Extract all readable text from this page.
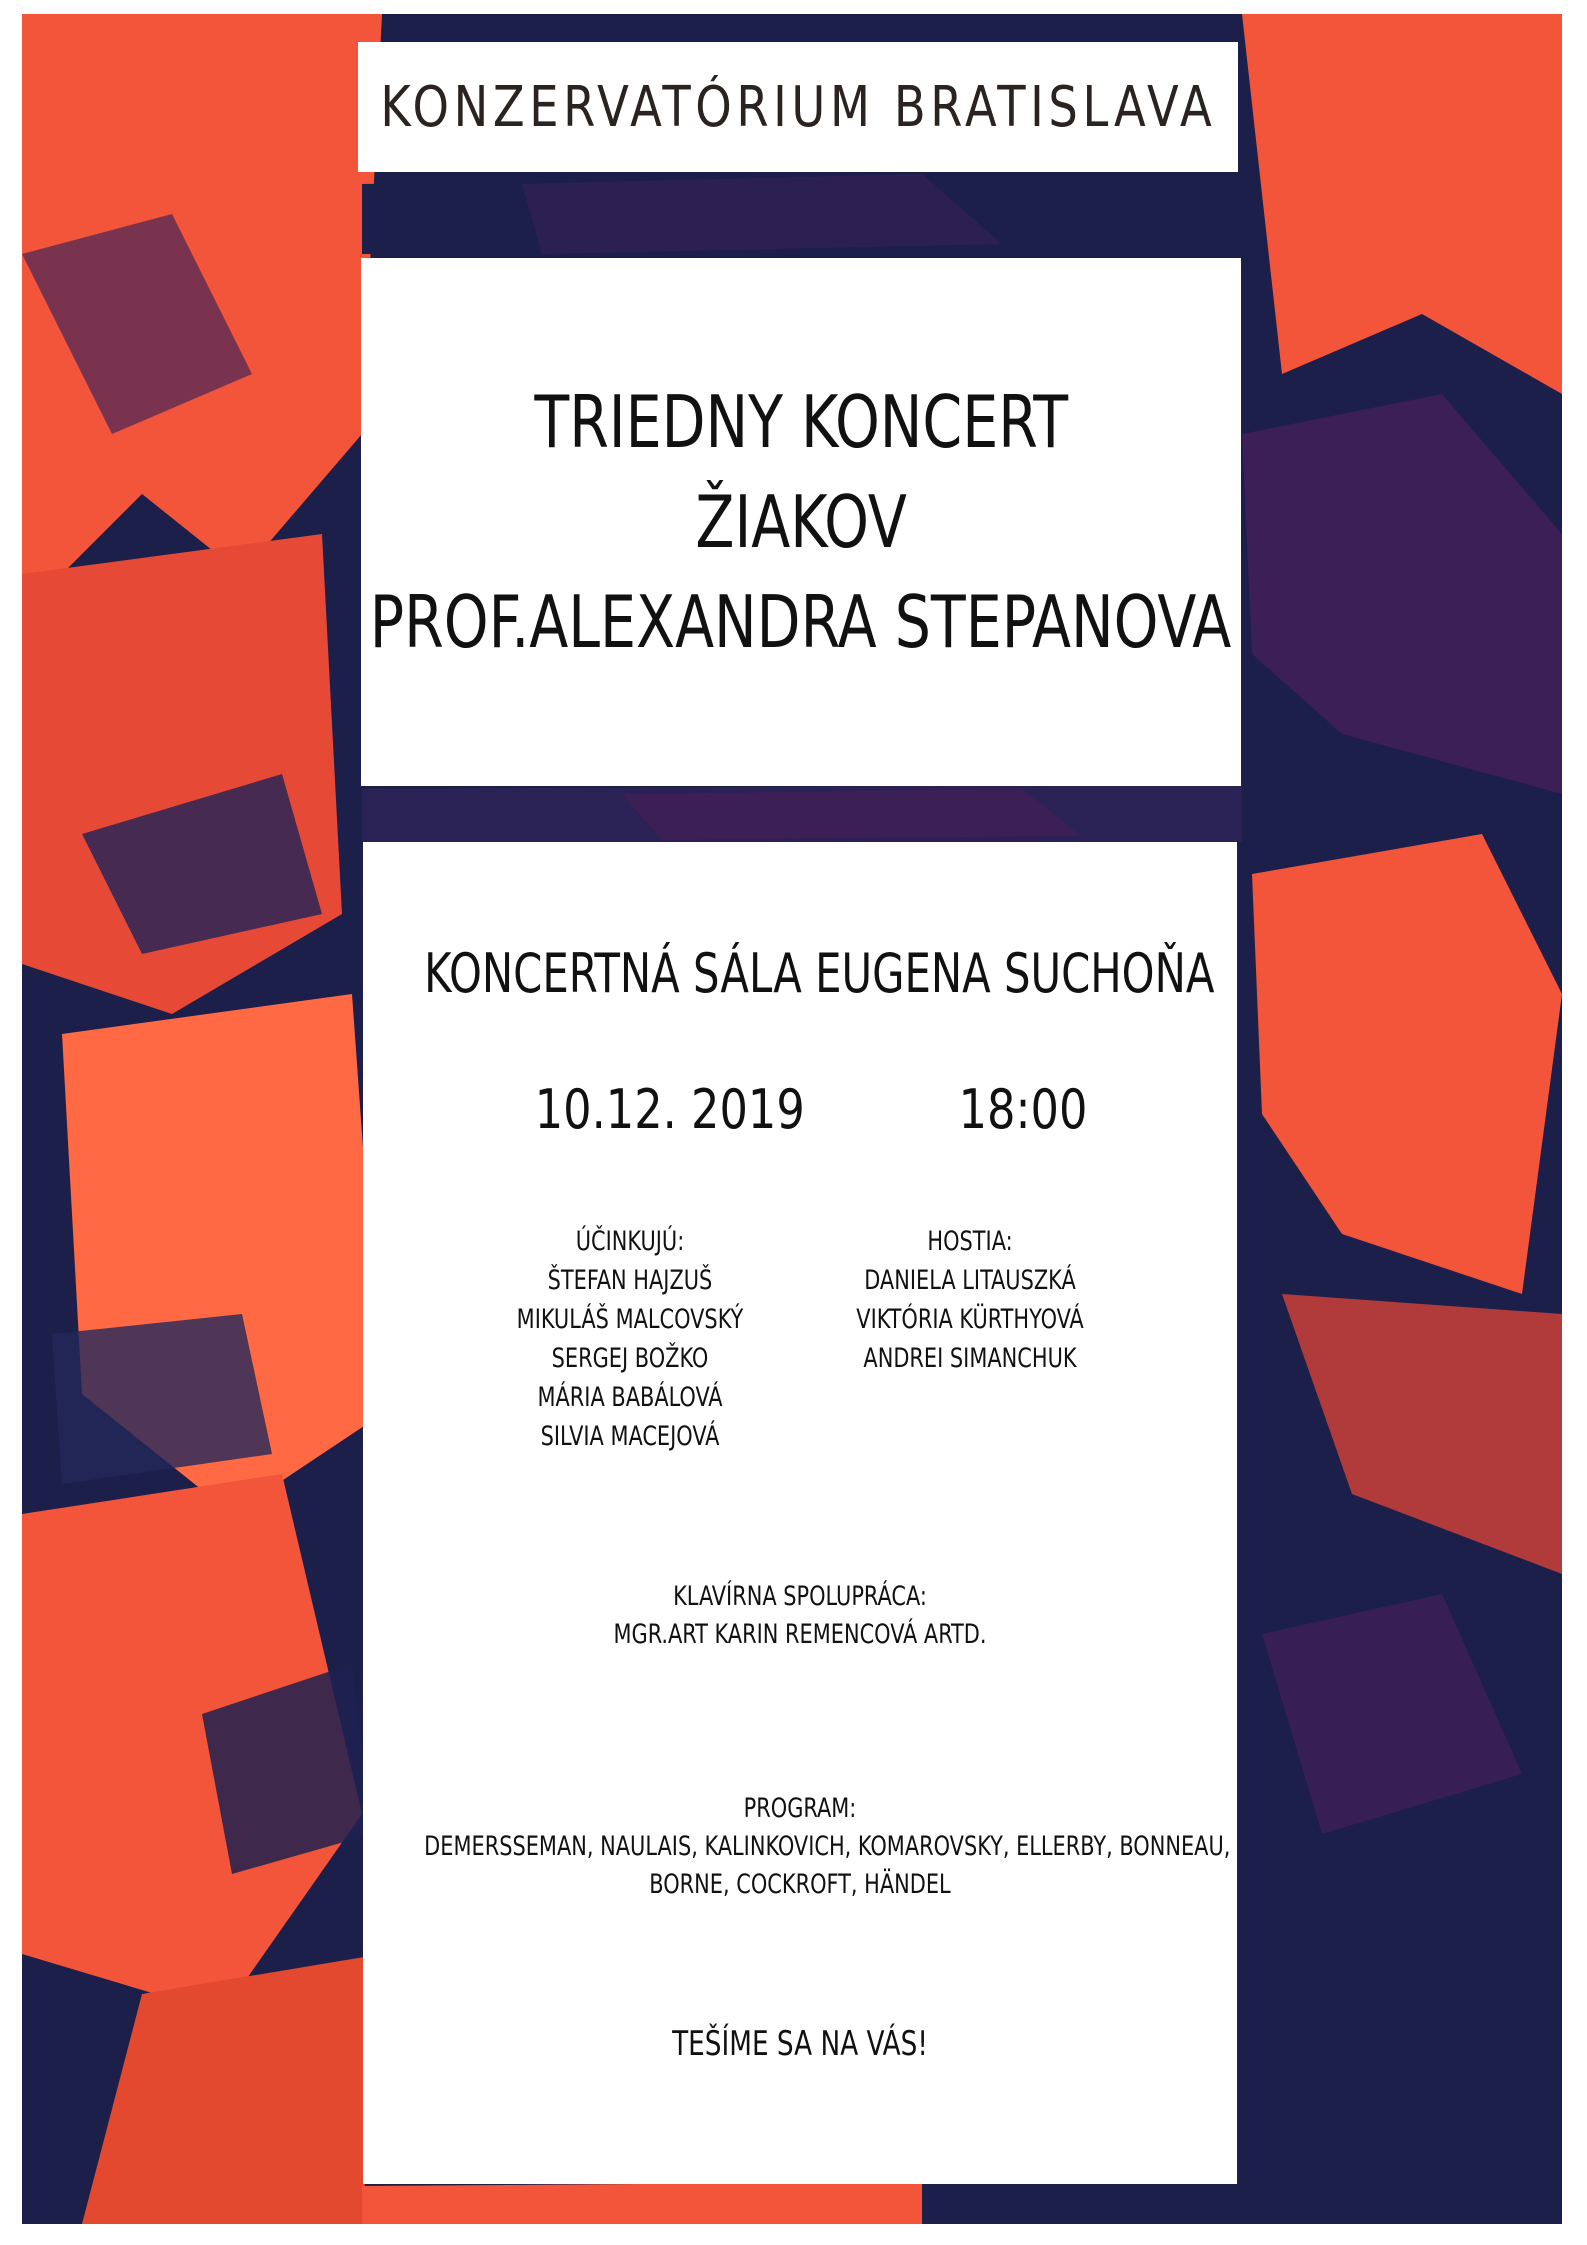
KONZERVATÓRIUM BRATISLAVA
TRIEDNY KONCERT
ŽIAKOV
PROF.ALEXANDRA STEPANOVA
KONCERTNÁ SÁLA EUGENA SUCHOŇA
10.12. 2019	18:00
ÚČINKUJÚ:
ŠTEFAN HAJZUŠ
MIKULÁŠ MALCOVSKÝ
SERGEJ BOŽKO
MÁRIA BABÁLOVÁ
SILVIA MACEJOVÁ
HOSTIA:
DANIELA LITAUSZKÁ
VIKTÓRIA KÜRTHYOVÁ
ANDREI SIMANCHUK
KLAVÍRNA SPOLUPRÁCA:
MGR.ART KARIN REMENCOVÁ ARTD.
PROGRAM:
DEMERSSEMAN, NAULAIS, KALINKOVICH, KOMAROVSKY, ELLERBY, BONNEAU,
BORNE, COCKROFT, HÄNDEL
TEŠÍME SA NA VÁS!
